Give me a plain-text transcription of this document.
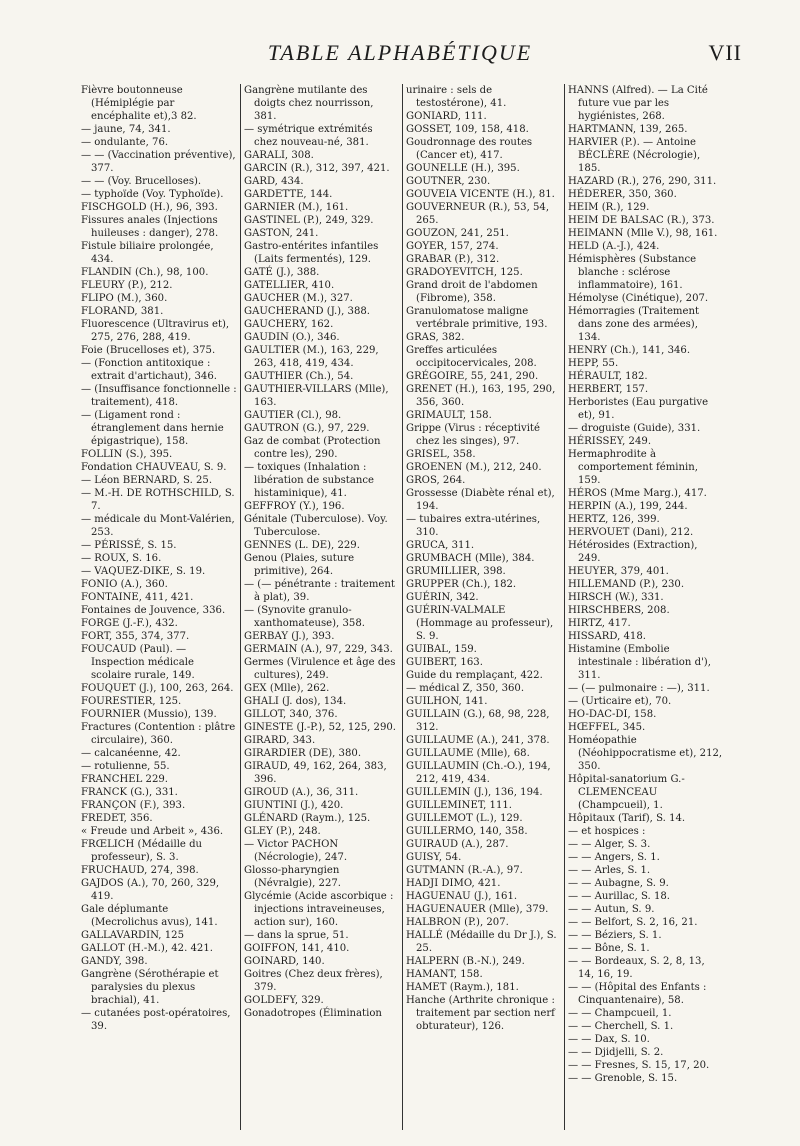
TABLE ALPHABÉTIQUE	VII

Fièvre boutonneuse (Hémiplégie par encéphalite et),3 82.

— jaune, 74, 341.

— ondulante, 76.

— — (Vaccination préventive), 377.

— — (Voy. Brucelloses).

— typhoïde (Voy. Typhoïde).

FISCHGOLD (H.), 96, 393.

Fissures anales (Injections huileuses : danger), 278.

Fistule biliaire prolongée, 434.

FLANDIN (Ch.), 98, 100.

FLEURY (P.), 212.

FLIPO (M.), 360.

FLORAND, 381.

Fluorescence (Ultravirus et), 275, 276, 288, 419.

Foie (Brucelloses et), 375.

— (Fonction antitoxique : extrait d'artichaut), 346.

— (Insuffisance fonctionnelle : traitement), 418.

— (Ligament rond : étranglement dans hernie épigastrique), 158.

FOLLIN (S.), 395.

Fondation CHAUVEAU, S. 9.

— Léon BERNARD, S. 25.

— M.-H. DE ROTHSCHILD, S. 7.

— médicale du Mont-Valérien, 253.

— PÉRISSÉ, S. 15.

— ROUX, S. 16.

— VAQUEZ-DIKE, S. 19.

FONIO (A.), 360.

FONTAINE, 411, 421.

Fontaines de Jouvence, 336.

FORGE (J.-F.), 432.

FORT, 355, 374, 377.

FOUCAUD (Paul). — Inspection médicale scolaire rurale, 149.

FOUQUET (J.), 100, 263, 264.

FOURESTIER, 125.

FOURNIER (Mussio), 139.

Fractures (Contention : plâtre circulaire), 360.

— calcanéenne, 42.

— rotulienne, 55.

FRANCHEL 229.

FRANCK (G.), 331.

FRANÇON (F.), 393.

FREDET, 356.

« Freude und Arbeit », 436.

FRŒLICH (Médaille du professeur), S. 3.

FRUCHAUD, 274, 398.

GAJDOS (A.), 70, 260, 329, 419.

Gale déplumante (Mecrolichus avus), 141.

GALLAVARDIN, 125

GALLOT (H.-M.), 42. 421.

GANDY, 398.

Gangrène (Sérothérapie et paralysies du plexus brachial), 41.

— cutanées post-opératoires, 39.

Gangrène mutilante des doigts chez nourrisson, 381.

— symétrique extrémités chez nouveau-né, 381.

GARALI, 308.

GARCIN (R.), 312, 397, 421.

GARD, 434.

GARDETTE, 144.

GARNIER (M.), 161.

GASTINEL (P.), 249, 329.

GASTON, 241.

Gastro-entérites infantiles (Laits fermentés), 129.

GATÉ (J.), 388.

GATELLIER, 410.

GAUCHER (M.), 327.

GAUCHERAND (J.), 388.

GAUCHERY, 162.

GAUDIN (O.), 346.

GAULTIER (M.), 163, 229, 263, 418, 419, 434.

GAUTHIER (Ch.), 54.

GAUTHIER-VILLARS (Mlle), 163.

GAUTIER (Cl.), 98.

GAUTRON (G.), 97, 229.

Gaz de combat (Protection contre les), 290.

— toxiques (Inhalation : libération de substance histaminique), 41.

GEFFROY (Y.), 196.

Génitale (Tuberculose). Voy. Tuberculose.

GENNES (L. DE), 229.

Genou (Plaies, suture primitive), 264.

— (— pénétrante : traitement à plat), 39.

— (Synovite granulo-xanthomateuse), 358.

GERBAY (J.), 393.

GERMAIN (A.), 97, 229, 343.

Germes (Virulence et âge des cultures), 249.

GEX (Mlle), 262.

GHALI (J. dos), 134.

GILLOT, 340, 376.

GINESTE (J.-P.), 52, 125, 290.

GIRARD, 343.

GIRARDIER (DE), 380.

GIRAUD, 49, 162, 264, 383, 396.

GIROUD (A.), 36, 311.

GIUNTINI (J.), 420.

GLÉNARD (Raym.), 125.

GLEY (P.), 248.

— Victor PACHON (Nécrologie), 247.

Glosso-pharyngien (Névralgie), 227.

Glycémie (Acide ascorbique : injections intraveineuses, action sur), 160.

— dans la sprue, 51.

GOIFFON, 141, 410.

GOINARD, 140.

Goitres (Chez deux frères), 379.

GOLDEFY, 329.

Gonadotropes (Élimination

urinaire : sels de testostérone), 41.

GONIARD, 111.

GOSSET, 109, 158, 418.

Goudronnage des routes (Cancer et), 417.

GOUNELLE (H.), 395.

GOUTNER, 230.

GOUVEIA VICENTE (H.), 81.

GOUVERNEUR (R.), 53, 54, 265.

GOUZON, 241, 251.

GOYER, 157, 274.

GRABAR (P.), 312.

GRADOYEVITCH, 125.

Grand droit de l'abdomen (Fibrome), 358.

Granulomatose maligne vertébrale primitive, 193.

GRAS, 382.

Greffes articulées occipitocervicales, 208.

GRÉGOIRE, 55, 241, 290.

GRENET (H.), 163, 195, 290, 356, 360.

GRIMAULT, 158.

Grippe (Virus : réceptivité chez les singes), 97.

GRISEL, 358.

GROENEN (M.), 212, 240.

GROS, 264.

Grossesse (Diabète rénal et), 194.

— tubaires extra-utérines, 310.

GRUCA, 311.

GRUMBACH (Mlle), 384.

GRUMILLIER, 398.

GRUPPER (Ch.), 182.

GUÉRIN, 342.

GUÉRIN-VALMALE (Hommage au professeur), S. 9.

GUIBAL, 159.

GUIBERT, 163.

Guide du remplaçant, 422.

— médical Z, 350, 360.

GUILHON, 141.

GUILLAIN (G.), 68, 98, 228, 312.

GUILLAUME (A.), 241, 378.

GUILLAUME (Mlle), 68.

GUILLAUMIN (Ch.-O.), 194, 212, 419, 434.

GUILLEMIN (J.), 136, 194.

GUILLEMINET, 111.

GUILLEMOT (L.), 129.

GUILLERMO, 140, 358.

GUIRAUD (A.), 287.

GUISY, 54.

GUTMANN (R.-A.), 97.

HADJI DIMO, 421.

HAGUENAU (J.), 161.

HAGUENAUER (Mlle), 379.

HALBRON (P.), 207.

HALLÉ (Médaille du Dr J.), S. 25.

HALPERN (B.-N.), 249.

HAMANT, 158.

HAMET (Raym.), 181.

Hanche (Arthrite chronique : traitement par section nerf obturateur), 126.

HANNS (Alfred). — La Cité future vue par les hygiénistes, 268.

HARTMANN, 139, 265.

HARVIER (P.). — Antoine BÉCLÈRE (Nécrologie), 185.

HAZARD (R.), 276, 290, 311.

HÉDERER, 350, 360.

HEIM (R.), 129.

HEIM DE BALSAC (R.), 373.

HEIMANN (Mlle V.), 98, 161.

HELD (A.-J.), 424.

Hémisphères (Substance blanche : sclérose inflammatoire), 161.

Hémolyse (Cinétique), 207.

Hémorragies (Traitement dans zone des armées), 134.

HENRY (Ch.), 141, 346.

HEPP, 55.

HÉRAULT, 182.

HERBERT, 157.

Herboristes (Eau purgative et), 91.

— droguiste (Guide), 331.

HÉRISSEY, 249.

Hermaphrodite à comportement féminin, 159.

HÉROS (Mme Marg.), 417.

HERPIN (A.), 199, 244.

HERTZ, 126, 399.

HERVOUET (Dani), 212.

Hétérosides (Extraction), 249.

HEUYER, 379, 401.

HILLEMAND (P.), 230.

HIRSCH (W.), 331.

HIRSCHBERS, 208.

HIRTZ, 417.

HISSARD, 418.

Histamine (Embolie intestinale : libération d'), 311.

— (— pulmonaire : —), 311.

— (Urticaire et), 70.

HO-DAC-DI, 158.

HŒFFEL, 345.

Homéopathie (Néohippocratisme et), 212, 350.

Hôpital-sanatorium G.-CLEMENCEAU (Champcueil), 1.

Hôpitaux (Tarif), S. 14.

— et hospices :

— — Alger, S. 3.

— — Angers, S. 1.

— — Arles, S. 1.

— — Aubagne, S. 9.

— — Aurillac, S. 18.

— — Autun, S. 9.

— — Belfort, S. 2, 16, 21.

— — Béziers, S. 1.

— — Bône, S. 1.

— — Bordeaux, S. 2, 8, 13, 14, 16, 19.

— — (Hôpital des Enfants : Cinquantenaire), 58.

— — Champcueil, 1.

— — Cherchell, S. 1.

— — Dax, S. 10.

— — Djidjelli, S. 2.

— — Fresnes, S. 15, 17, 20.

— — Grenoble, S. 15.
